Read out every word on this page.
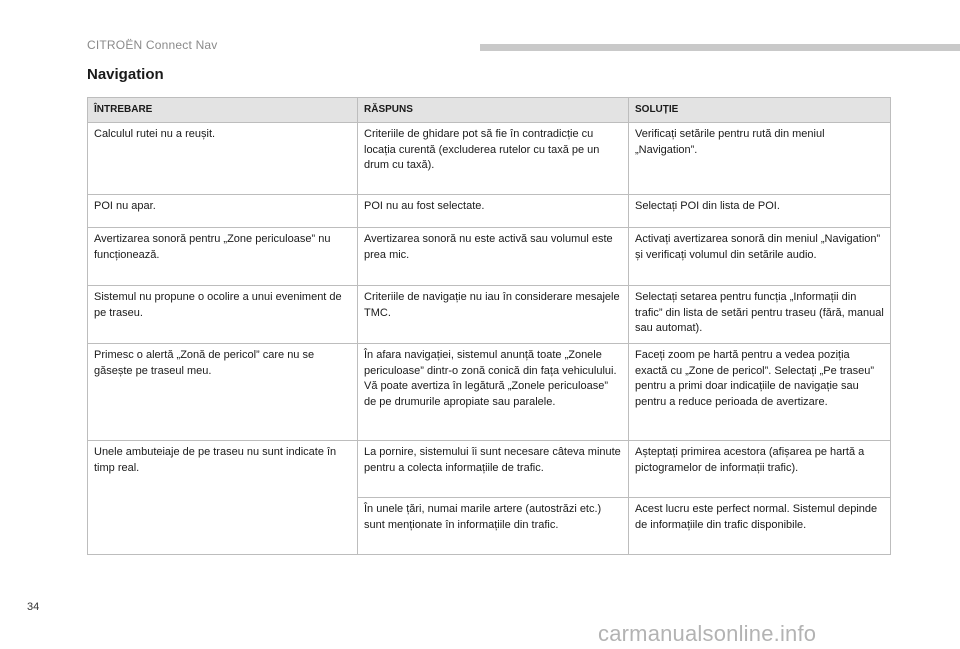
CITROËN Connect Nav
Navigation
ÎNTREBARE	RĂSPUNS	SOLUȚIE
Calculul rutei nu a reușit.	Criteriile de ghidare pot să fie în contradicție cu locația curentă (excluderea rutelor cu taxă pe un drum cu taxă).	Verificați setările pentru rută din meniul „Navigation”.
POI nu apar.	POI nu au fost selectate.	Selectați POI din lista de POI.
Avertizarea sonoră pentru „Zone periculoase” nu funcționează.	Avertizarea sonoră nu este activă sau volumul este prea mic.	Activați avertizarea sonoră din meniul „Navigation” și verificați volumul din setările audio.
Sistemul nu propune o ocolire a unui eveniment de pe traseu.	Criteriile de navigație nu iau în considerare mesajele TMC.	Selectați setarea pentru funcția „Informații din trafic” din lista de setări pentru traseu (fără, manual sau automat).
Primesc o alertă „Zonă de pericol” care nu se găsește pe traseul meu.	În afara navigației, sistemul anunță toate „Zonele periculoase” dintr-o zonă conică din fața vehiculului. Vă poate avertiza în legătură „Zonele periculoase” de pe drumurile apropiate sau paralele.	Faceți zoom pe hartă pentru a vedea poziția exactă cu „Zone de pericol”. Selectați „Pe traseu” pentru a primi doar indicațiile de navigație sau pentru a reduce perioada de avertizare.
Unele ambuteiaje de pe traseu nu sunt indicate în timp real.	La pornire, sistemului îi sunt necesare câteva minute pentru a colecta informațiile de trafic.	Așteptați primirea acestora (afișarea pe hartă a pictogramelor de informații trafic).
	În unele țări, numai marile artere (autostrăzi etc.) sunt menționate în informațiile din trafic.	Acest lucru este perfect normal. Sistemul depinde de informațiile din trafic disponibile.
34
carmanualsonline.info
